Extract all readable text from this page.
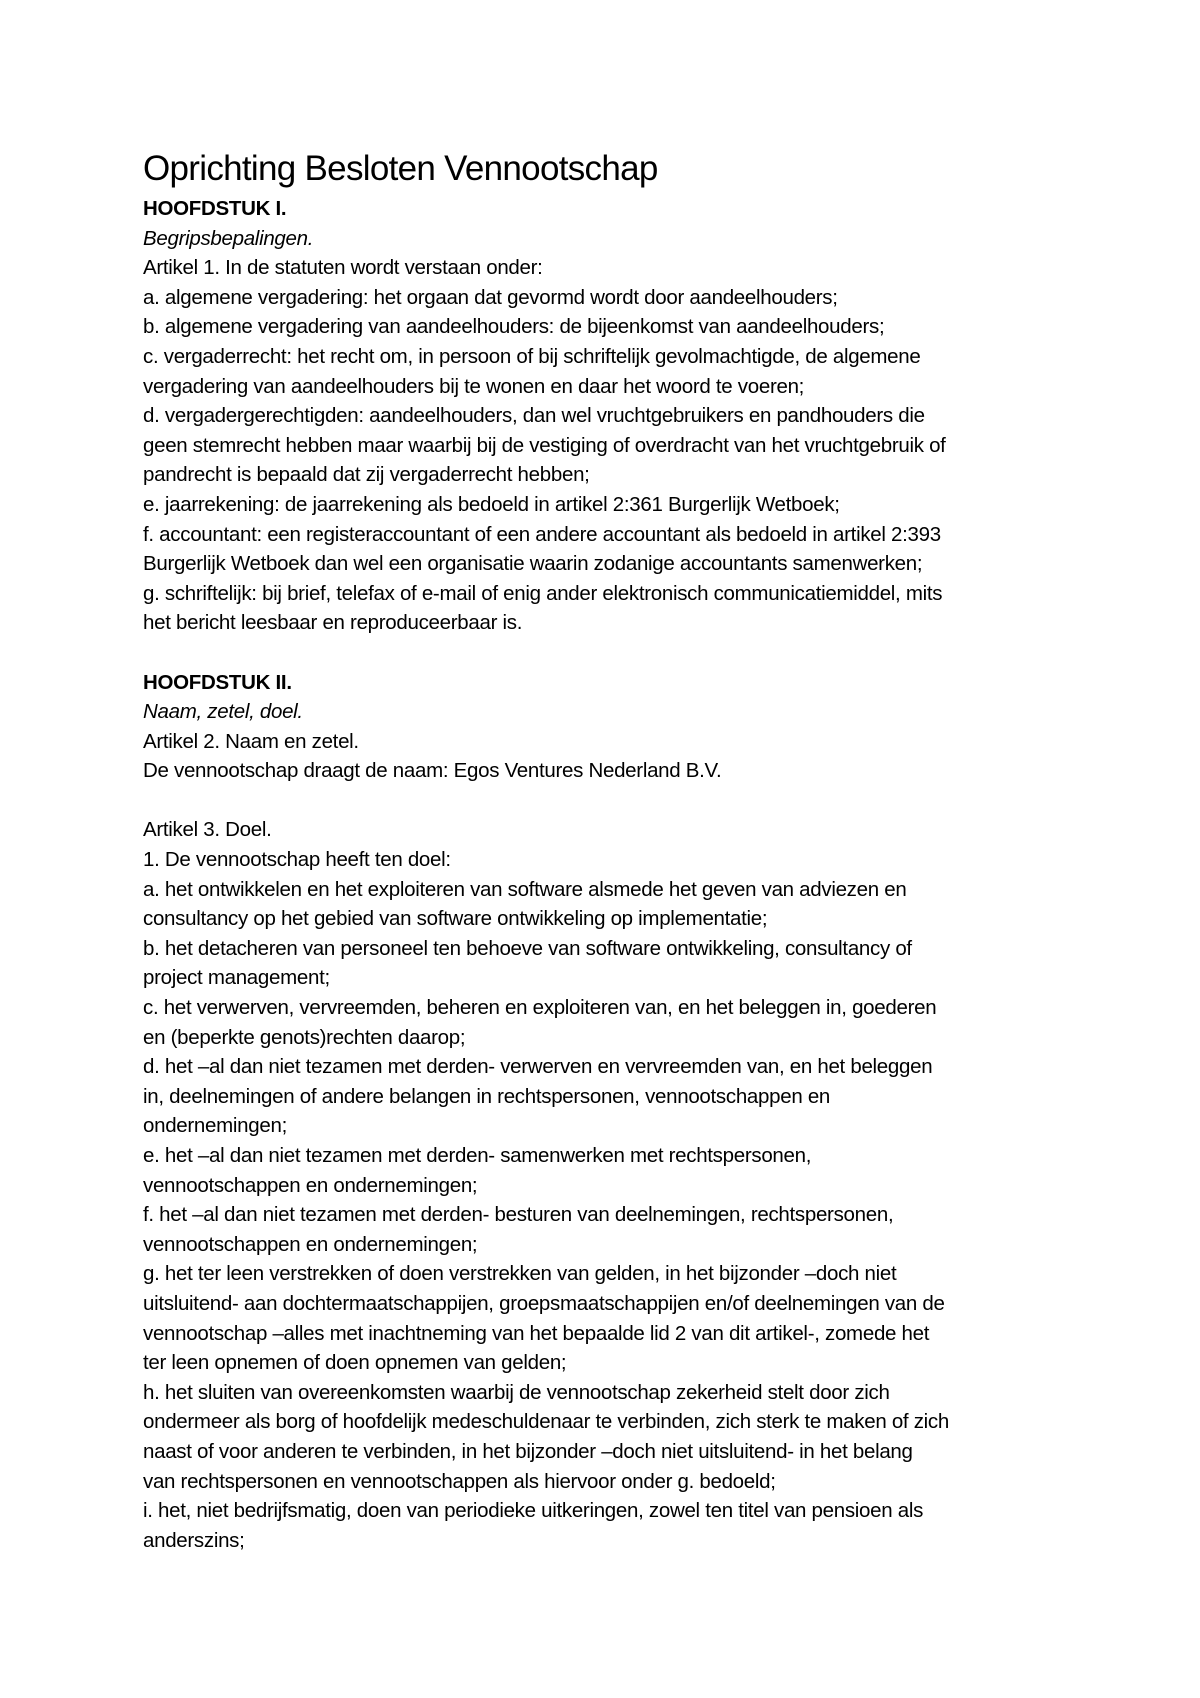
Oprichting Besloten Vennootschap
HOOFDSTUK I.
Begripsbepalingen.
Artikel 1. In de statuten wordt verstaan onder:
a. algemene vergadering: het orgaan dat gevormd wordt door aandeelhouders;
b. algemene vergadering van aandeelhouders: de bijeenkomst van aandeelhouders;
c. vergaderrecht: het recht om, in persoon of bij schriftelijk gevolmachtigde, de algemene
vergadering van aandeelhouders bij te wonen en daar het woord te voeren;
d. vergadergerechtigden: aandeelhouders, dan wel vruchtgebruikers en pandhouders die
geen stemrecht hebben maar waarbij bij de vestiging of overdracht van het vruchtgebruik of
pandrecht is bepaald dat zij vergaderrecht hebben;
e. jaarrekening: de jaarrekening als bedoeld in artikel 2:361 Burgerlijk Wetboek;
f. accountant: een registeraccountant of een andere accountant als bedoeld in artikel 2:393
Burgerlijk Wetboek dan wel een organisatie waarin zodanige accountants samenwerken;
g. schriftelijk: bij brief, telefax of e-mail of enig ander elektronisch communicatiemiddel, mits
het bericht leesbaar en reproduceerbaar is.
HOOFDSTUK II.
Naam, zetel, doel.
Artikel 2. Naam en zetel.
De vennootschap draagt de naam: Egos Ventures Nederland B.V.
Artikel 3. Doel.
1. De vennootschap heeft ten doel:
a. het ontwikkelen en het exploiteren van software alsmede het geven van adviezen en
consultancy op het gebied van software ontwikkeling op implementatie;
b. het detacheren van personeel ten behoeve van software ontwikkeling, consultancy of
project management;
c. het verwerven, vervreemden, beheren en exploiteren van, en het beleggen in, goederen
en (beperkte genots)rechten daarop;
d. het –al dan niet tezamen met derden- verwerven en vervreemden van, en het beleggen
in, deelnemingen of andere belangen in rechtspersonen, vennootschappen en
ondernemingen;
e. het –al dan niet tezamen met derden- samenwerken met rechtspersonen,
vennootschappen en ondernemingen;
f. het –al dan niet tezamen met derden- besturen van deelnemingen, rechtspersonen,
vennootschappen en ondernemingen;
g. het ter leen verstrekken of doen verstrekken van gelden, in het bijzonder –doch niet
uitsluitend- aan dochtermaatschappijen, groepsmaatschappijen en/of deelnemingen van de
vennootschap –alles met inachtneming van het bepaalde lid 2 van dit artikel-, zomede het
ter leen opnemen of doen opnemen van gelden;
h. het sluiten van overeenkomsten waarbij de vennootschap zekerheid stelt door zich
ondermeer als borg of hoofdelijk medeschuldenaar te verbinden, zich sterk te maken of zich
naast of voor anderen te verbinden, in het bijzonder –doch niet uitsluitend- in het belang
van rechtspersonen en vennootschappen als hiervoor onder g. bedoeld;
i. het, niet bedrijfsmatig, doen van periodieke uitkeringen, zowel ten titel van pensioen als
anderszins;
